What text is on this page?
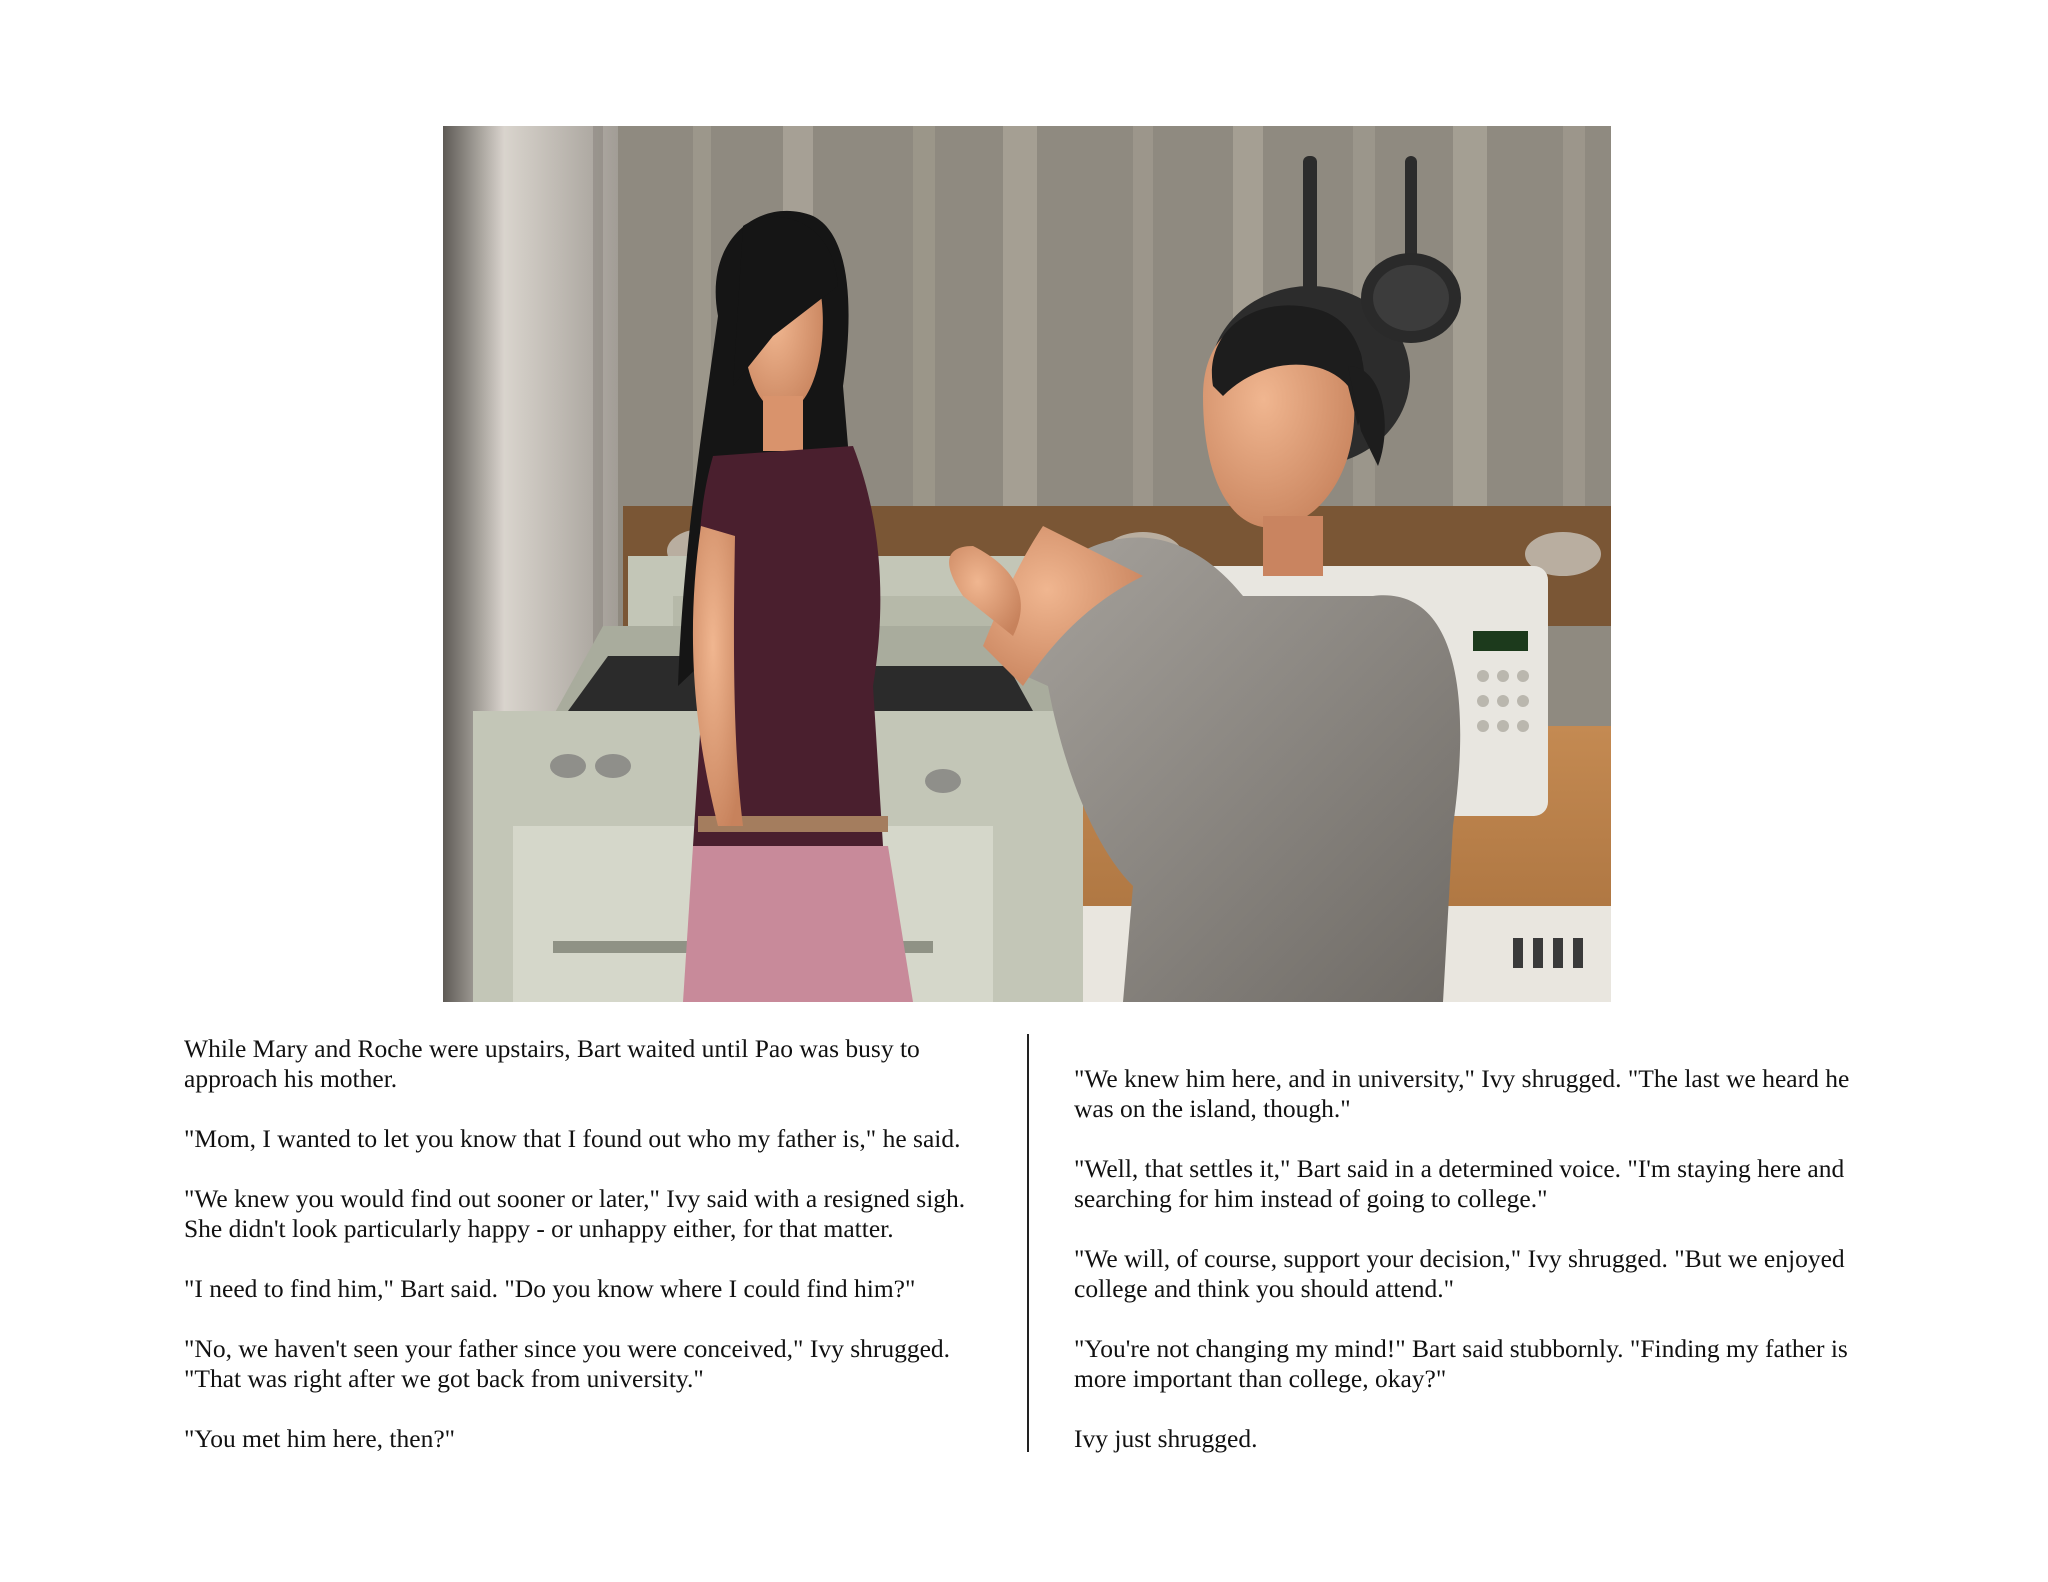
While Mary and Roche were upstairs, Bart waited until Pao was busy to approach his mother.

"Mom, I wanted to let you know that I found out who my father is," he said.

"We knew you would find out sooner or later," Ivy said with a resigned sigh. She didn't look particularly happy - or unhappy either, for that matter.

"I need to find him," Bart said. "Do you know where I could find him?"

"No, we haven't seen your father since you were conceived," Ivy shrugged. "That was right after we got back from university."

"You met him here, then?"

"We knew him here, and in university," Ivy shrugged. "The last we heard he was on the island, though."

"Well, that settles it," Bart said in a determined voice. "I'm staying here and searching for him instead of going to college."

"We will, of course, support your decision," Ivy shrugged. "But we enjoyed college and think you should attend."

"You're not changing my mind!" Bart said stubbornly. "Finding my father is more important than college, okay?"

Ivy just shrugged.
